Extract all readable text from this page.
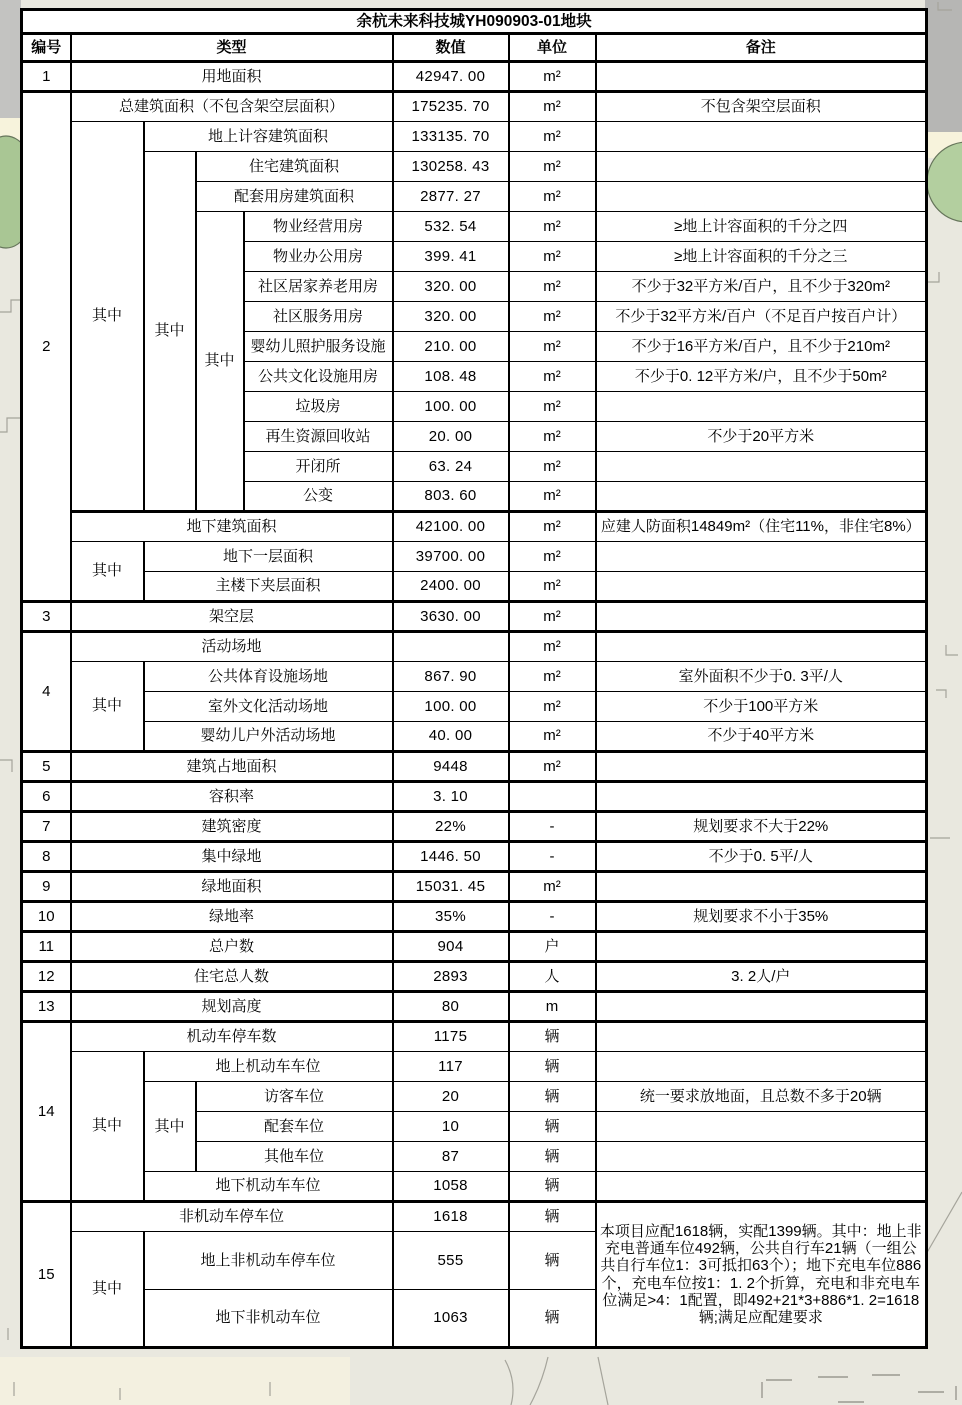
余杭未来科技城YH090903-01地块							
编号	类型				数值	单位	备注
1	用地面积				42947. 00	m²	
2	总建筑面积（不包含架空层面积）				175235. 70	m²	不包含架空层面积
	其中	地上计容建筑面积			133135. 70	m²	
		其中	住宅建筑面积		130258. 43	m²	
			配套用房建筑面积		2877. 27	m²	
			其中	物业经营用房	532. 54	m²	≥地上计容面积的千分之四
				物业办公用房	399. 41	m²	≥地上计容面积的千分之三
				社区居家养老用房	320. 00	m²	不少于32平方米/百户，且不少于320m²
				社区服务用房	320. 00	m²	不少于32平方米/百户（不足百户按百户计）
				婴幼儿照护服务设施	210. 00	m²	不少于16平方米/百户，且不少于210m²
				公共文化设施用房	108. 48	m²	不少于0. 12平方米/户，且不少于50m²
				垃圾房	100. 00	m²	
				再生资源回收站	20. 00	m²	不少于20平方米
				开闭所	63. 24	m²	
				公变	803. 60	m²	
	地下建筑面积				42100. 00	m²	应建人防面积14849m²（住宅11%，非住宅8%）
	其中	地下一层面积			39700. 00	m²	
		主楼下夹层面积			2400. 00	m²	
3	架空层				3630. 00	m²	
4	活动场地					m²	
	其中	公共体育设施场地			867. 90	m²	室外面积不少于0. 3平/人
		室外文化活动场地			100. 00	m²	不少于100平方米
		婴幼儿户外活动场地			40. 00	m²	不少于40平方米
5	建筑占地面积				9448	m²	
6	容积率				3. 10		
7	建筑密度				22%	-	规划要求不大于22%
8	集中绿地				1446. 50	-	不少于0. 5平/人
9	绿地面积				15031. 45	m²	
10	绿地率				35%	-	规划要求不小于35%
11	总户数				904	户	
12	住宅总人数				2893	人	3. 2人/户
13	规划高度				80	m	
14	机动车停车数				1175	辆	
	其中	地上机动车车位			117	辆	
		其中	访客车位		20	辆	统一要求放地面，且总数不多于20辆
			配套车位		10	辆	
			其他车位		87	辆	
		地下机动车车位			1058	辆	
15	非机动车停车位				1618	辆	本项目应配1618辆，实配1399辆。其中：地上非充电普通车位492辆，公共自行车21辆（一组公共自行车位1：3可抵扣63个）；地下充电车位886个，充电车位按1：1. 2个折算，充电和非充电车位满足>4：1配置，即492+21*3+886*1. 2=1618辆;满足应配建要求
	其中	地上非机动车停车位			555	辆	
		地下非机动车位			1063	辆	
